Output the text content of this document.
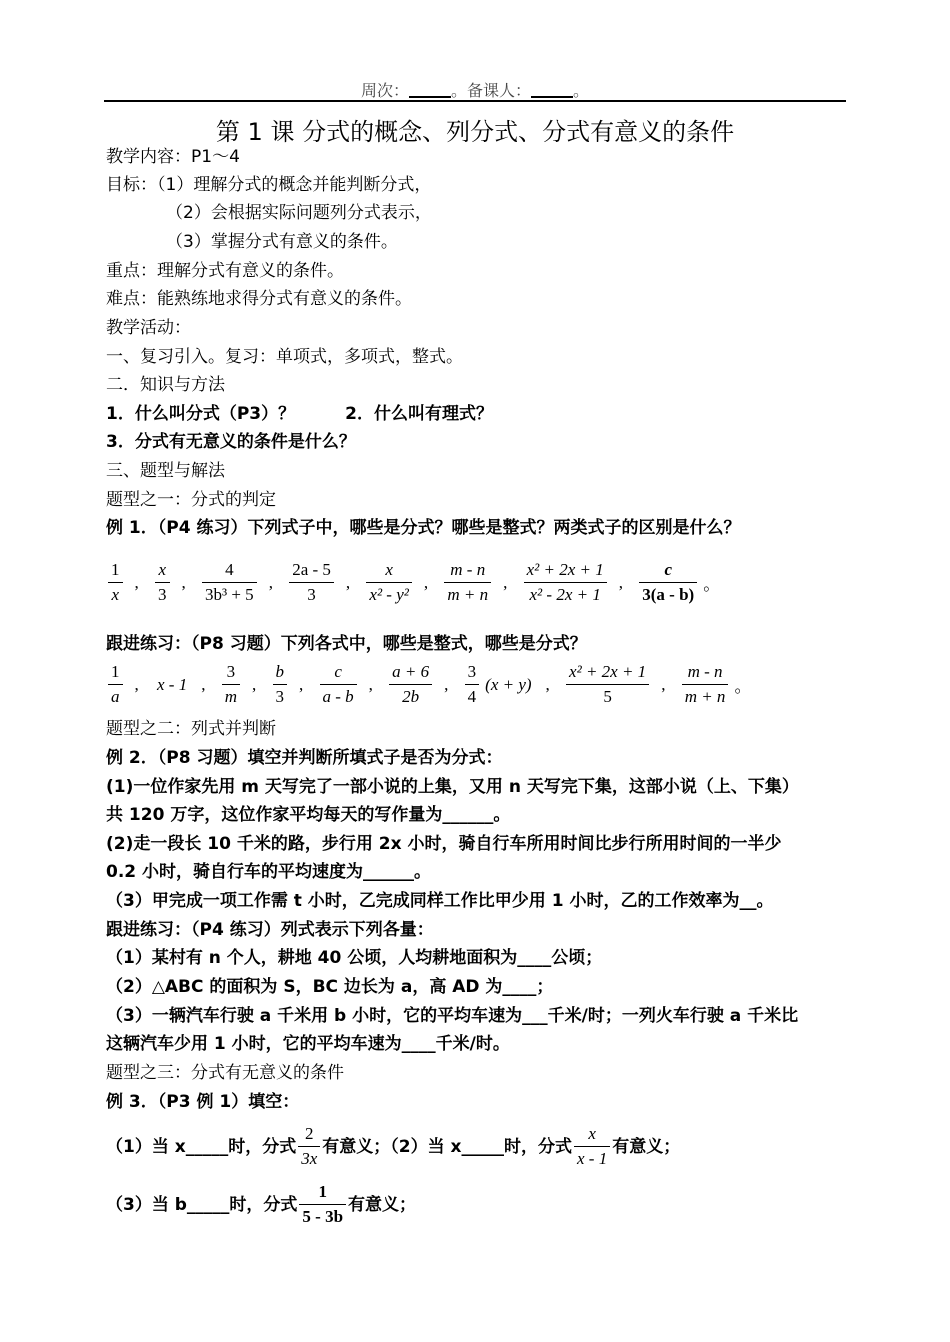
周次：	。备课人：	。
第 1 课 分式的概念、列分式、分式有意义的条件
教学内容：P1～4
目标：（1）理解分式的概念并能判断分式，
（2）会根据实际问题列分式表示，
（3）掌握分式有意义的条件。
重点：理解分式有意义的条件。
难点：能熟练地求得分式有意义的条件。
教学活动：
一、复习引入。复习：单项式，多项式，整式。
二．知识与方法
1．什么叫分式（P3）？	2．什么叫有理式？
3．分式有无意义的条件是什么？
三、题型与解法
题型之一：分式的判定
例 1．（P4 练习）下列式子中，哪些是分式？哪些是整式？两类式子的区别是什么？
$\frac{1}{x}$ , $\frac{x}{3}$ , $\frac{4}{\text{3b³ + 5}}$ , $\frac{2a - 5}{3}$ , $\frac{x}{\text{x² - y²}}$ , $\frac{m - n}{m + n}$ , $\frac{\text{x² + 2x + 1}}{\text{x² - 2x + 1}}$ , $\frac{c}{3(a - b)}$ 。
跟进练习：（P8 习题）下列各式中，哪些是整式，哪些是分式？
$\frac{1}{a}$ , x - 1 , $\frac{3}{m}$ , $\frac{b}{3}$ , $\frac{c}{a - b}$ , $\frac{a + 6}{2b}$ , $\frac{3}{4} (x + y)$ , $\frac{\text{x² + 2x + 1}}{5}$ , $\frac{m - n}{m + n}$ 。
题型之二：列式并判断
例 2．（P8 习题）填空并判断所填式子是否为分式：
(1)一位作家先用 m 天写完了一部小说的上集，又用 n 天写完下集，这部小说（上、下集）
共 120 万字，这位作家平均每天的写作量为______。
(2)走一段长 10 千米的路，步行用 2x 小时，骑自行车所用时间比步行所用时间的一半少
0.2 小时，骑自行车的平均速度为______。
（3）甲完成一项工作需 t 小时，乙完成同样工作比甲少用 1 小时，乙的工作效率为__。
跟进练习：（P4 练习）列式表示下列各量：
（1）某村有 n 个人，耕地 40 公顷，人均耕地面积为____公顷；
（2）△ABC 的面积为 S，BC 边长为 a，高 AD 为____；
（3）一辆汽车行驶 a 千米用 b 小时，它的平均车速为___千米/时；一列火车行驶 a 千米比
这辆汽车少用 1 小时，它的平均车速为____千米/时。
题型之三：分式有无意义的条件
例 3．（P3 例 1）填空：
（1）当 x_____时，分式 $\frac{2}{3x}$ 有意义；（2）当 x_____时，分式 $\frac{x}{x - 1}$ 有意义；
（3）当 b_____时，分式 $\frac{1}{5 - 3b}$ 有意义；
